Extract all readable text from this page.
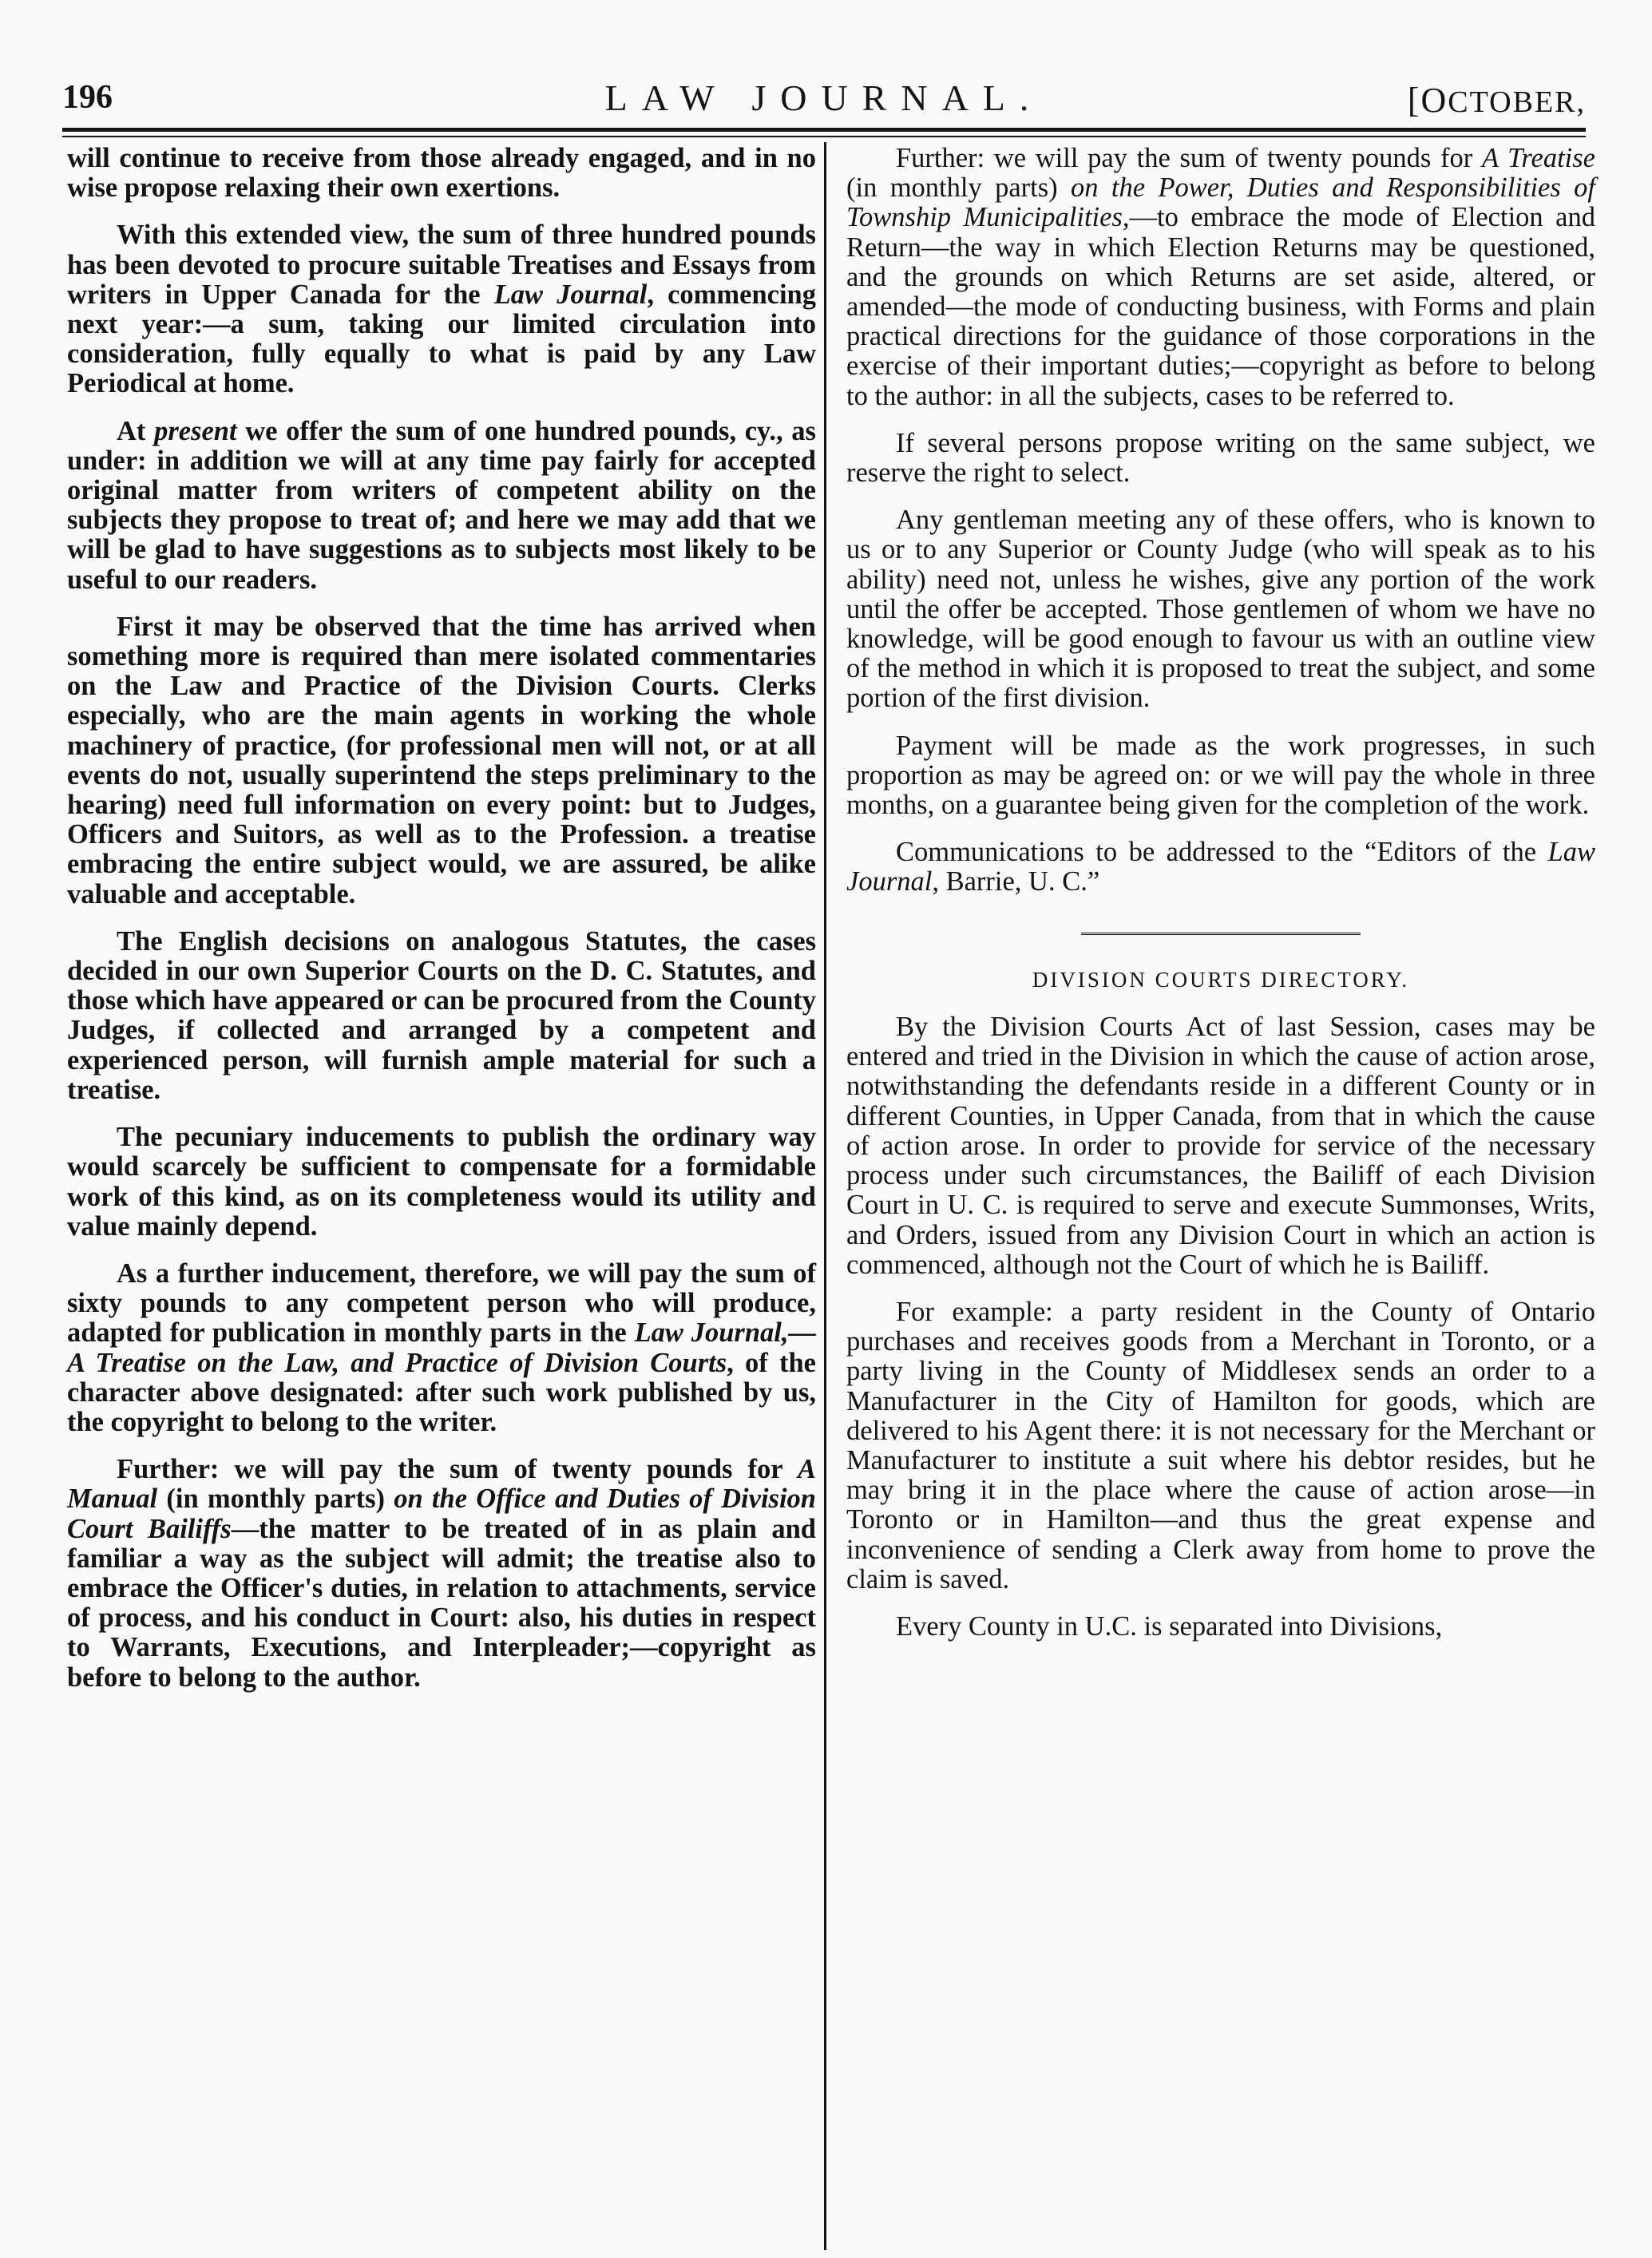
196	LAW JOURNAL.	[OCTOBER,

will continue to receive from those already engaged, and in no wise propose relaxing their own exertions.

With this extended view, the sum of three hundred pounds has been devoted to procure suitable Treatises and Essays from writers in Upper Canada for the Law Journal, commencing next year:—a sum, taking our limited circulation into consideration, fully equally to what is paid by any Law Periodical at home.

At present we offer the sum of one hundred pounds, cy., as under: in addition we will at any time pay fairly for accepted original matter from writers of competent ability on the subjects they propose to treat of; and here we may add that we will be glad to have suggestions as to subjects most likely to be useful to our readers.

First it may be observed that the time has arrived when something more is required than mere isolated commentaries on the Law and Practice of the Division Courts. Clerks especially, who are the main agents in working the whole machinery of practice, (for professional men will not, or at all events do not, usually superintend the steps preliminary to the hearing) need full information on every point: but to Judges, Officers and Suitors, as well as to the Profession. a treatise embracing the entire subject would, we are assured, be alike valuable and acceptable.

The English decisions on analogous Statutes, the cases decided in our own Superior Courts on the D. C. Statutes, and those which have appeared or can be procured from the County Judges, if collected and arranged by a competent and experienced person, will furnish ample material for such a treatise.

The pecuniary inducements to publish the ordinary way would scarcely be sufficient to compensate for a formidable work of this kind, as on its completeness would its utility and value mainly depend.

As a further inducement, therefore, we will pay the sum of sixty pounds to any competent person who will produce, adapted for publication in monthly parts in the Law Journal,—A Treatise on the Law, and Practice of Division Courts, of the character above designated: after such work published by us, the copyright to belong to the writer.

Further: we will pay the sum of twenty pounds for A Manual (in monthly parts) on the Office and Duties of Division Court Bailiffs—the matter to be treated of in as plain and familiar a way as the subject will admit; the treatise also to embrace the Officer's duties, in relation to attachments, service of process, and his conduct in Court: also, his duties in respect to Warrants, Executions, and Interpleader;—copyright as before to belong to the author.

Further: we will pay the sum of twenty pounds for A Treatise (in monthly parts) on the Power, Duties and Responsibilities of Township Municipalities,—to embrace the mode of Election and Return—the way in which Election Returns may be questioned, and the grounds on which Returns are set aside, altered, or amended—the mode of conducting business, with Forms and plain practical directions for the guidance of those corporations in the exercise of their important duties;—copyright as before to belong to the author: in all the subjects, cases to be referred to.

If several persons propose writing on the same subject, we reserve the right to select.

Any gentleman meeting any of these offers, who is known to us or to any Superior or County Judge (who will speak as to his ability) need not, unless he wishes, give any portion of the work until the offer be accepted. Those gentlemen of whom we have no knowledge, will be good enough to favour us with an outline view of the method in which it is proposed to treat the subject, and some portion of the first division.

Payment will be made as the work progresses, in such proportion as may be agreed on: or we will pay the whole in three months, on a guarantee being given for the completion of the work.

Communications to be addressed to the “Editors of the Law Journal, Barrie, U. C.”

DIVISION COURTS DIRECTORY.

By the Division Courts Act of last Session, cases may be entered and tried in the Division in which the cause of action arose, notwithstanding the defendants reside in a different County or in different Counties, in Upper Canada, from that in which the cause of action arose. In order to provide for service of the necessary process under such circumstances, the Bailiff of each Division Court in U. C. is required to serve and execute Summonses, Writs, and Orders, issued from any Division Court in which an action is commenced, although not the Court of which he is Bailiff.

For example: a party resident in the County of Ontario purchases and receives goods from a Merchant in Toronto, or a party living in the County of Middlesex sends an order to a Manufacturer in the City of Hamilton for goods, which are delivered to his Agent there: it is not necessary for the Merchant or Manufacturer to institute a suit where his debtor resides, but he may bring it in the place where the cause of action arose—in Toronto or in Hamilton—and thus the great expense and inconvenience of sending a Clerk away from home to prove the claim is saved.

Every County in U.C. is separated into Divisions,
